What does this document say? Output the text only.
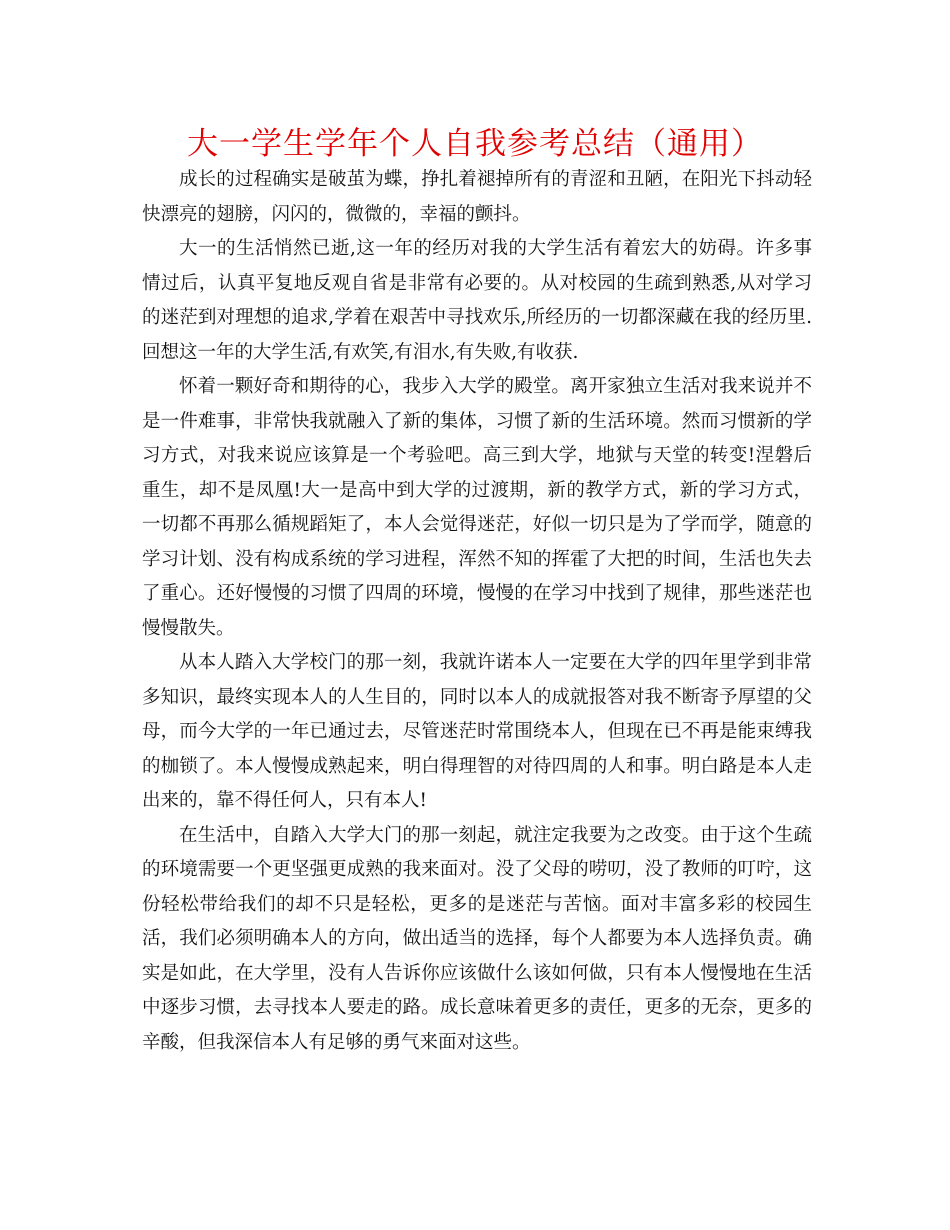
大一学生学年个人自我参考总结（通用）

成长的过程确实是破茧为蝶，挣扎着褪掉所有的青涩和丑陋，在阳光下抖动轻快漂亮的翅膀，闪闪的，微微的，幸福的颤抖。

大一的生活悄然已逝,这一年的经历对我的大学生活有着宏大的妨碍。许多事情过后，认真平复地反观自省是非常有必要的。从对校园的生疏到熟悉,从对学习的迷茫到对理想的追求,学着在艰苦中寻找欢乐,所经历的一切都深藏在我的经历里.回想这一年的大学生活,有欢笑,有泪水,有失败,有收获.

怀着一颗好奇和期待的心，我步入大学的殿堂。离开家独立生活对我来说并不是一件难事，非常快我就融入了新的集体，习惯了新的生活环境。然而习惯新的学习方式，对我来说应该算是一个考验吧。高三到大学，地狱与天堂的转变!涅磐后重生，却不是凤凰!大一是高中到大学的过渡期，新的教学方式，新的学习方式，一切都不再那么循规蹈矩了，本人会觉得迷茫，好似一切只是为了学而学，随意的学习计划、没有构成系统的学习进程，浑然不知的挥霍了大把的时间，生活也失去了重心。还好慢慢的习惯了四周的环境，慢慢的在学习中找到了规律，那些迷茫也慢慢散失。

从本人踏入大学校门的那一刻，我就许诺本人一定要在大学的四年里学到非常多知识，最终实现本人的人生目的，同时以本人的成就报答对我不断寄予厚望的父母，而今大学的一年已通过去，尽管迷茫时常围绕本人，但现在已不再是能束缚我的枷锁了。本人慢慢成熟起来，明白得理智的对待四周的人和事。明白路是本人走出来的，靠不得任何人，只有本人!

在生活中，自踏入大学大门的那一刻起，就注定我要为之改变。由于这个生疏的环境需要一个更坚强更成熟的我来面对。没了父母的唠叨，没了教师的叮咛，这份轻松带给我们的却不只是轻松，更多的是迷茫与苦恼。面对丰富多彩的校园生活，我们必须明确本人的方向，做出适当的选择，每个人都要为本人选择负责。确实是如此，在大学里，没有人告诉你应该做什么该如何做，只有本人慢慢地在生活中逐步习惯，去寻找本人要走的路。成长意味着更多的责任，更多的无奈，更多的辛酸，但我深信本人有足够的勇气来面对这些。
